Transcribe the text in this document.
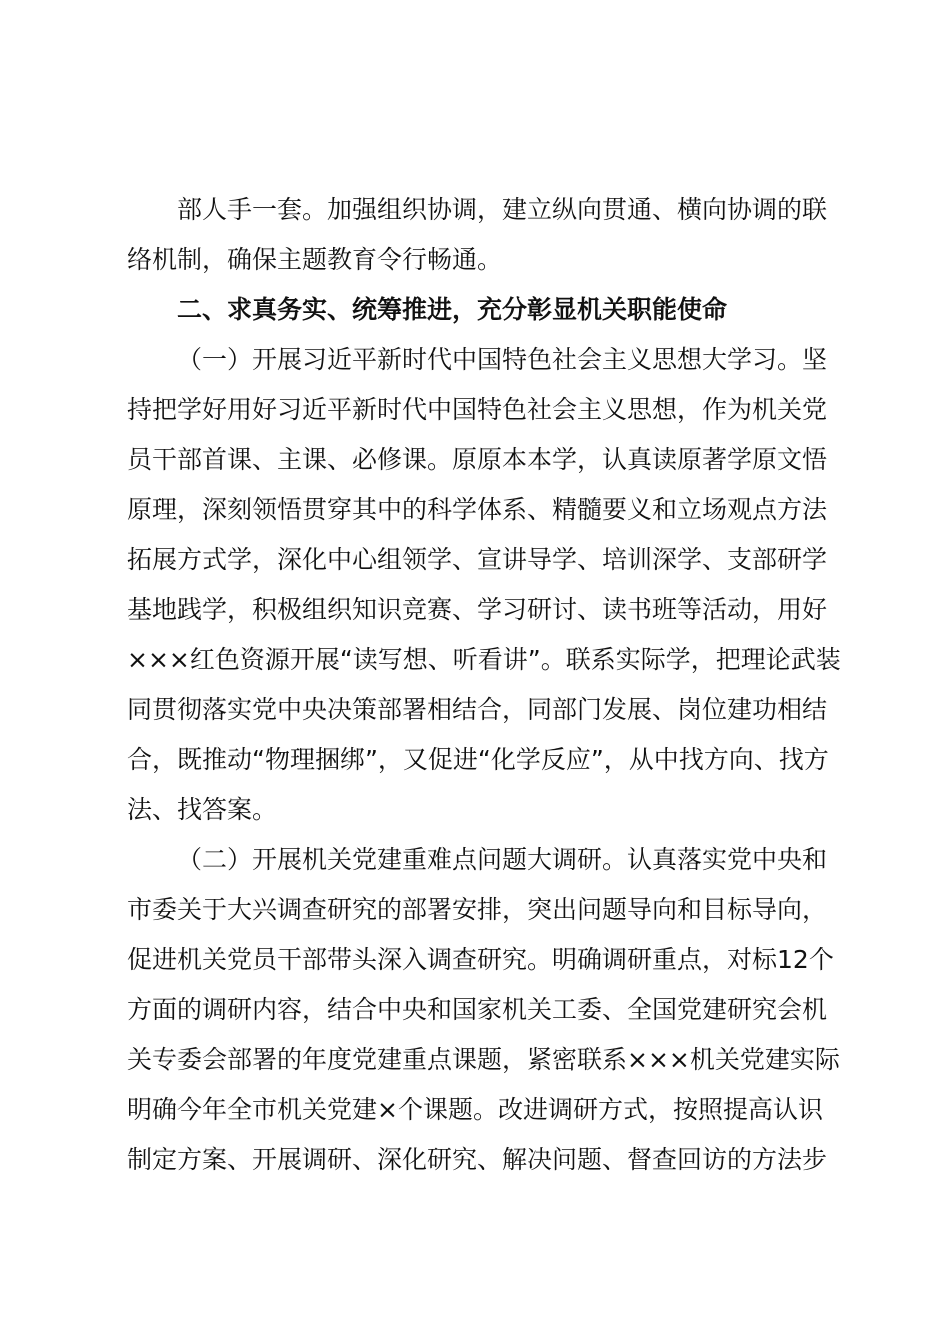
部人手一套。加强组织协调，建立纵向贯通、横向协调的联
络机制，确保主题教育令行畅通。
二、求真务实、统筹推进，充分彰显机关职能使命
（一）开展习近平新时代中国特色社会主义思想大学习。坚
持把学好用好习近平新时代中国特色社会主义思想，作为机关党
员干部首课、主课、必修课。原原本本学，认真读原著学原文悟
原理，深刻领悟贯穿其中的科学体系、精髓要义和立场观点方法
拓展方式学，深化中心组领学、宣讲导学、培训深学、支部研学
基地践学，积极组织知识竞赛、学习研讨、读书班等活动，用好
×××红色资源开展“读写想、听看讲”。联系实际学，把理论武装
同贯彻落实党中央决策部署相结合，同部门发展、岗位建功相结
合，既推动“物理捆绑”，又促进“化学反应”，从中找方向、找方
法、找答案。
（二）开展机关党建重难点问题大调研。认真落实党中央和
市委关于大兴调查研究的部署安排，突出问题导向和目标导向，
促进机关党员干部带头深入调查研究。明确调研重点，对标12个
方面的调研内容，结合中央和国家机关工委、全国党建研究会机
关专委会部署的年度党建重点课题，紧密联系×××机关党建实际
明确今年全市机关党建×个课题。改进调研方式，按照提高认识
制定方案、开展调研、深化研究、解决问题、督查回访的方法步
